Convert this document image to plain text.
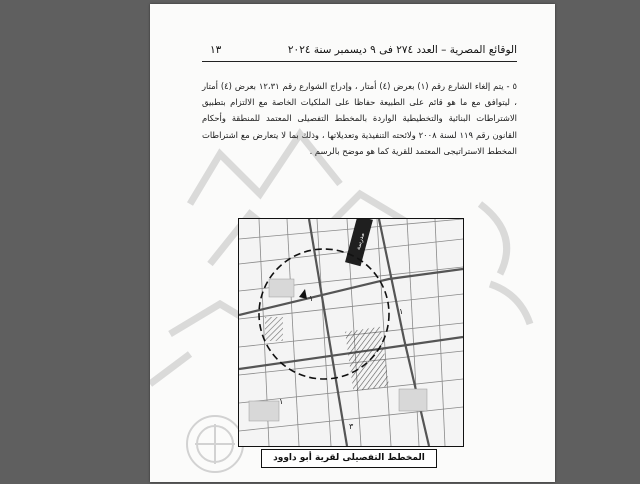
الوقائع المصرية – العدد ٢٧٤ فى ٩ ديسمبر سنة ٢٠٢٤
١٣

٥ - يتم إلغاء الشارع رقم (١) بعرض (٤) أمتار ، وإدراج الشوارع رقم ١٢،٣١ بعرض (٤) أمتار ، ليتوافق مع ما هو قائم على الطبيعة حفاظا على الملكيات الخاصة مع الالتزام بتطبيق الاشتراطات البنائية والتخطيطية الواردة بالمخطط التفصيلى المعتمد للمنطقة وأحكام القانون رقم ١١٩ لسنة ٢٠٠٨ ولائحته التنفيذية وتعديلاتها ، وذلك بما لا يتعارض مع اشتراطات المخطط الاستراتيجى المعتمد للقرية كما هو موضح بالرسم .

مدرسة
١
١
٣
١
المخطط التفصيلى لقرية أبو داوود
